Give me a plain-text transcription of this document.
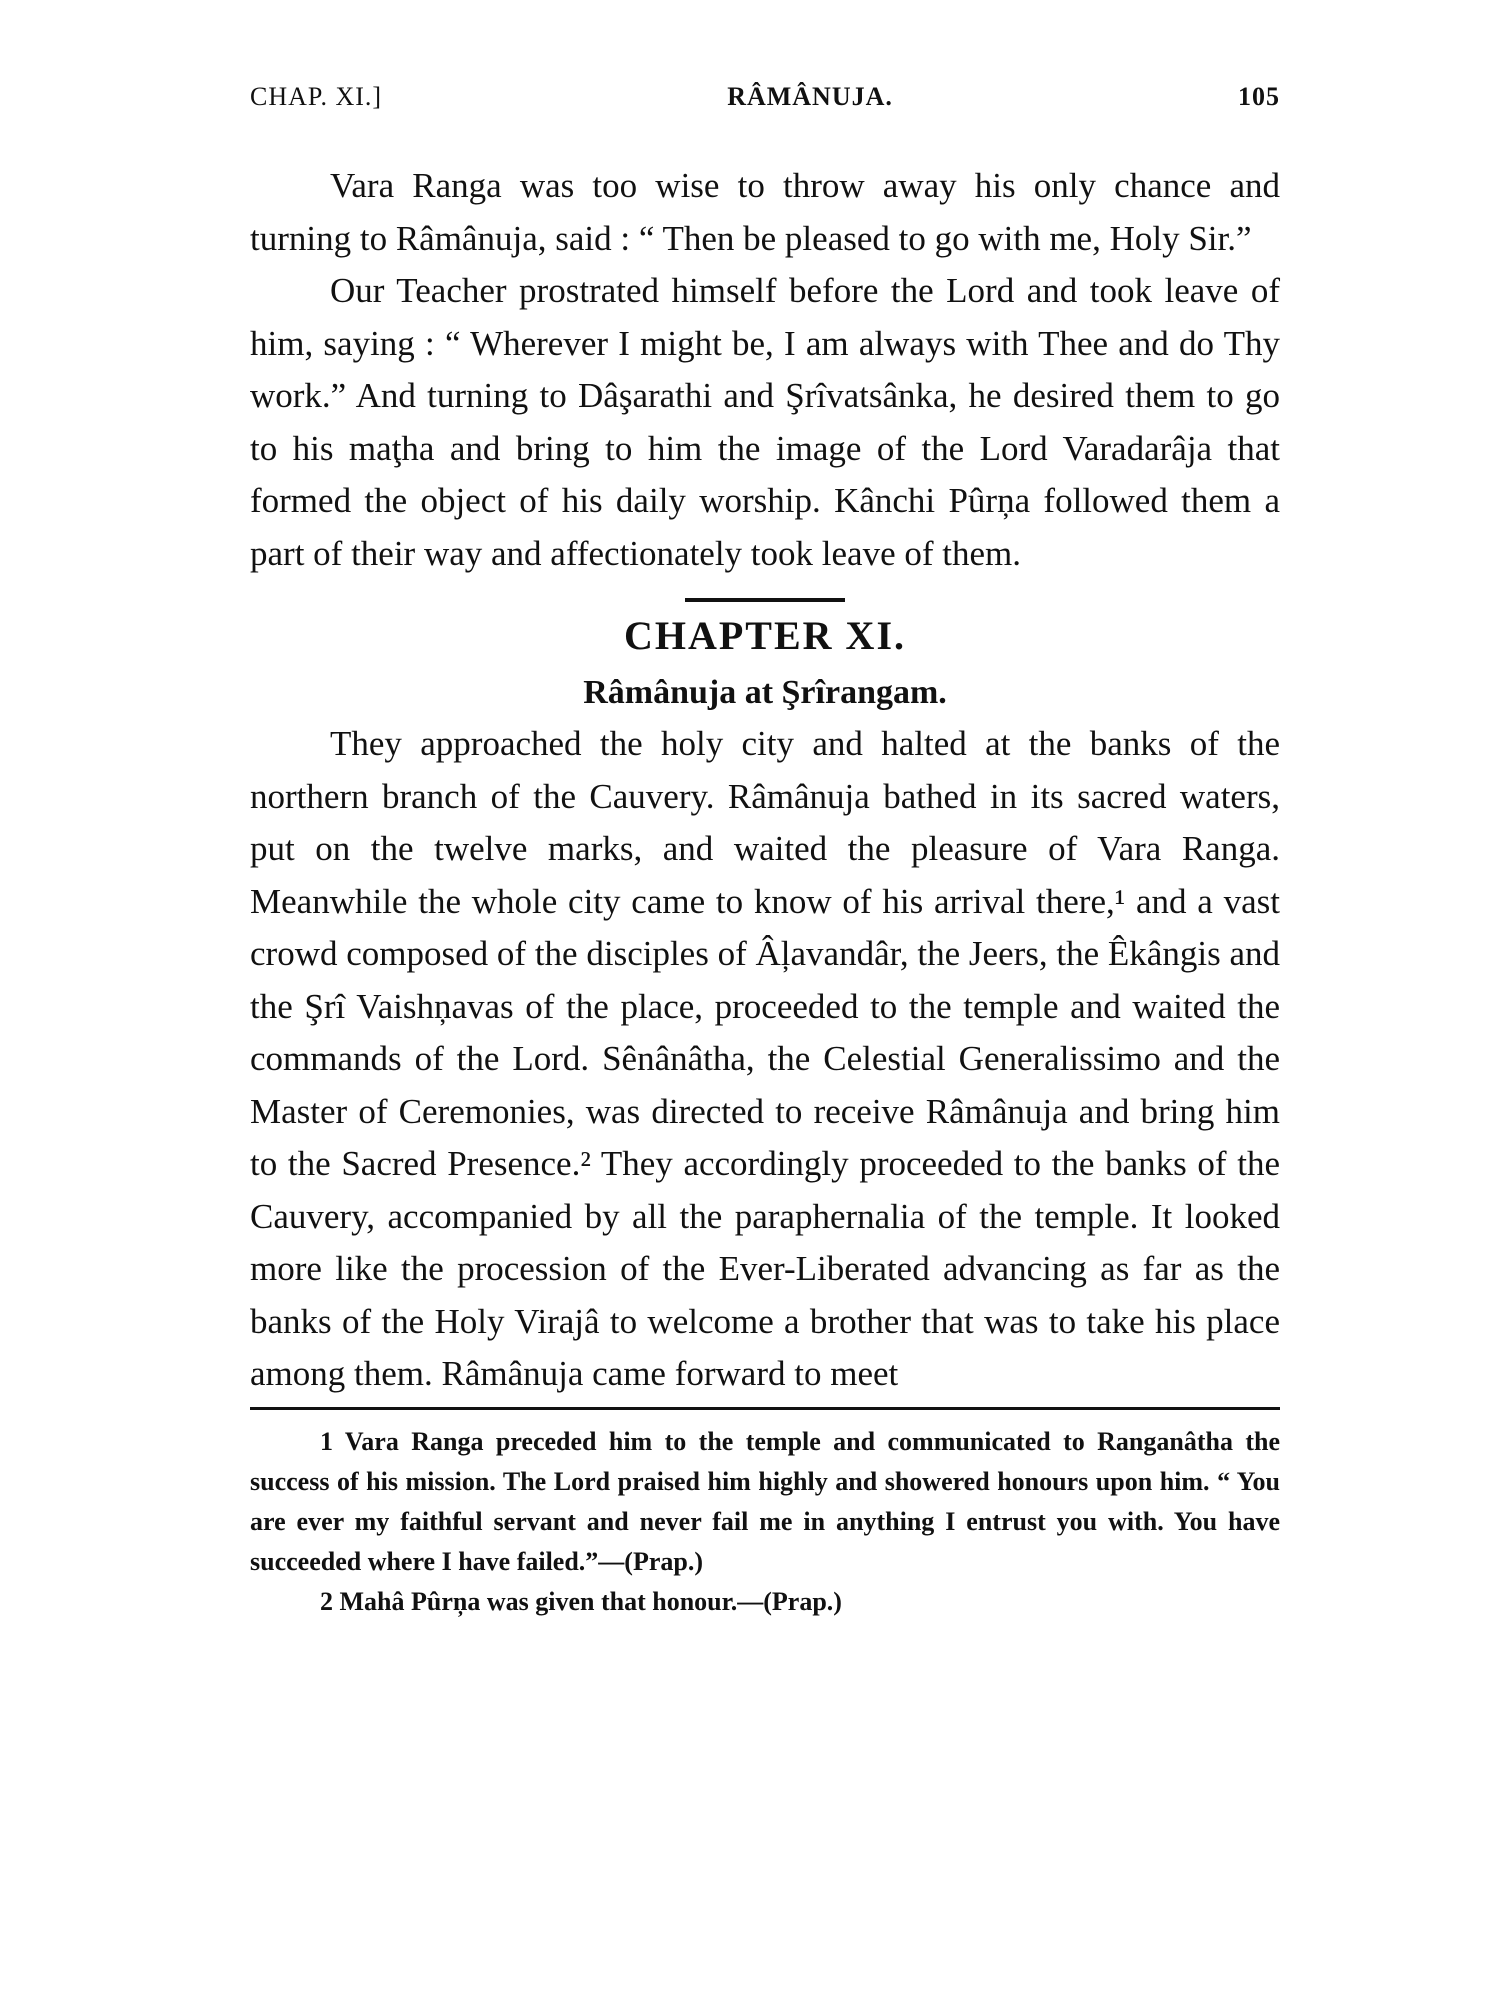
CHAP. XI.]	RÂMÂNUJA.	105

Vara Ranga was too wise to throw away his only chance and turning to Râmânuja, said : “ Then be pleased to go with me, Holy Sir.”

Our Teacher prostrated himself before the Lord and took leave of him, saying : “ Wherever I might be, I am always with Thee and do Thy work.” And turning to Dâşarathi and Şrîvatsânka, he desired them to go to his maţha and bring to him the image of the Lord Varadarâja that formed the object of his daily worship. Kânchi Pûrņa followed them a part of their way and affectionately took leave of them.

CHAPTER XI.
Râmânuja at Şrîrangam.

They approached the holy city and halted at the banks of the northern branch of the Cauvery. Râmânuja bathed in its sacred waters, put on the twelve marks, and waited the pleasure of Vara Ranga. Meanwhile the whole city came to know of his arrival there,¹ and a vast crowd composed of the disciples of Âļavandâr, the Jeers, the Êkângis and the Şrî Vaishņavas of the place, proceeded to the temple and waited the commands of the Lord. Sênânâtha, the Celestial Generalissimo and the Master of Ceremonies, was directed to receive Râmânuja and bring him to the Sacred Presence.² They accordingly proceeded to the banks of the Cauvery, accompanied by all the paraphernalia of the temple. It looked more like the procession of the Ever-Liberated advancing as far as the banks of the Holy Virajâ to welcome a brother that was to take his place among them. Râmânuja came forward to meet

1 Vara Ranga preceded him to the temple and communicated to Ranganâtha the success of his mission. The Lord praised him highly and showered honours upon him. “ You are ever my faithful servant and never fail me in anything I entrust you with. You have succeeded where I have failed.”—(Prap.)
2 Mahâ Pûrņa was given that honour.—(Prap.)
